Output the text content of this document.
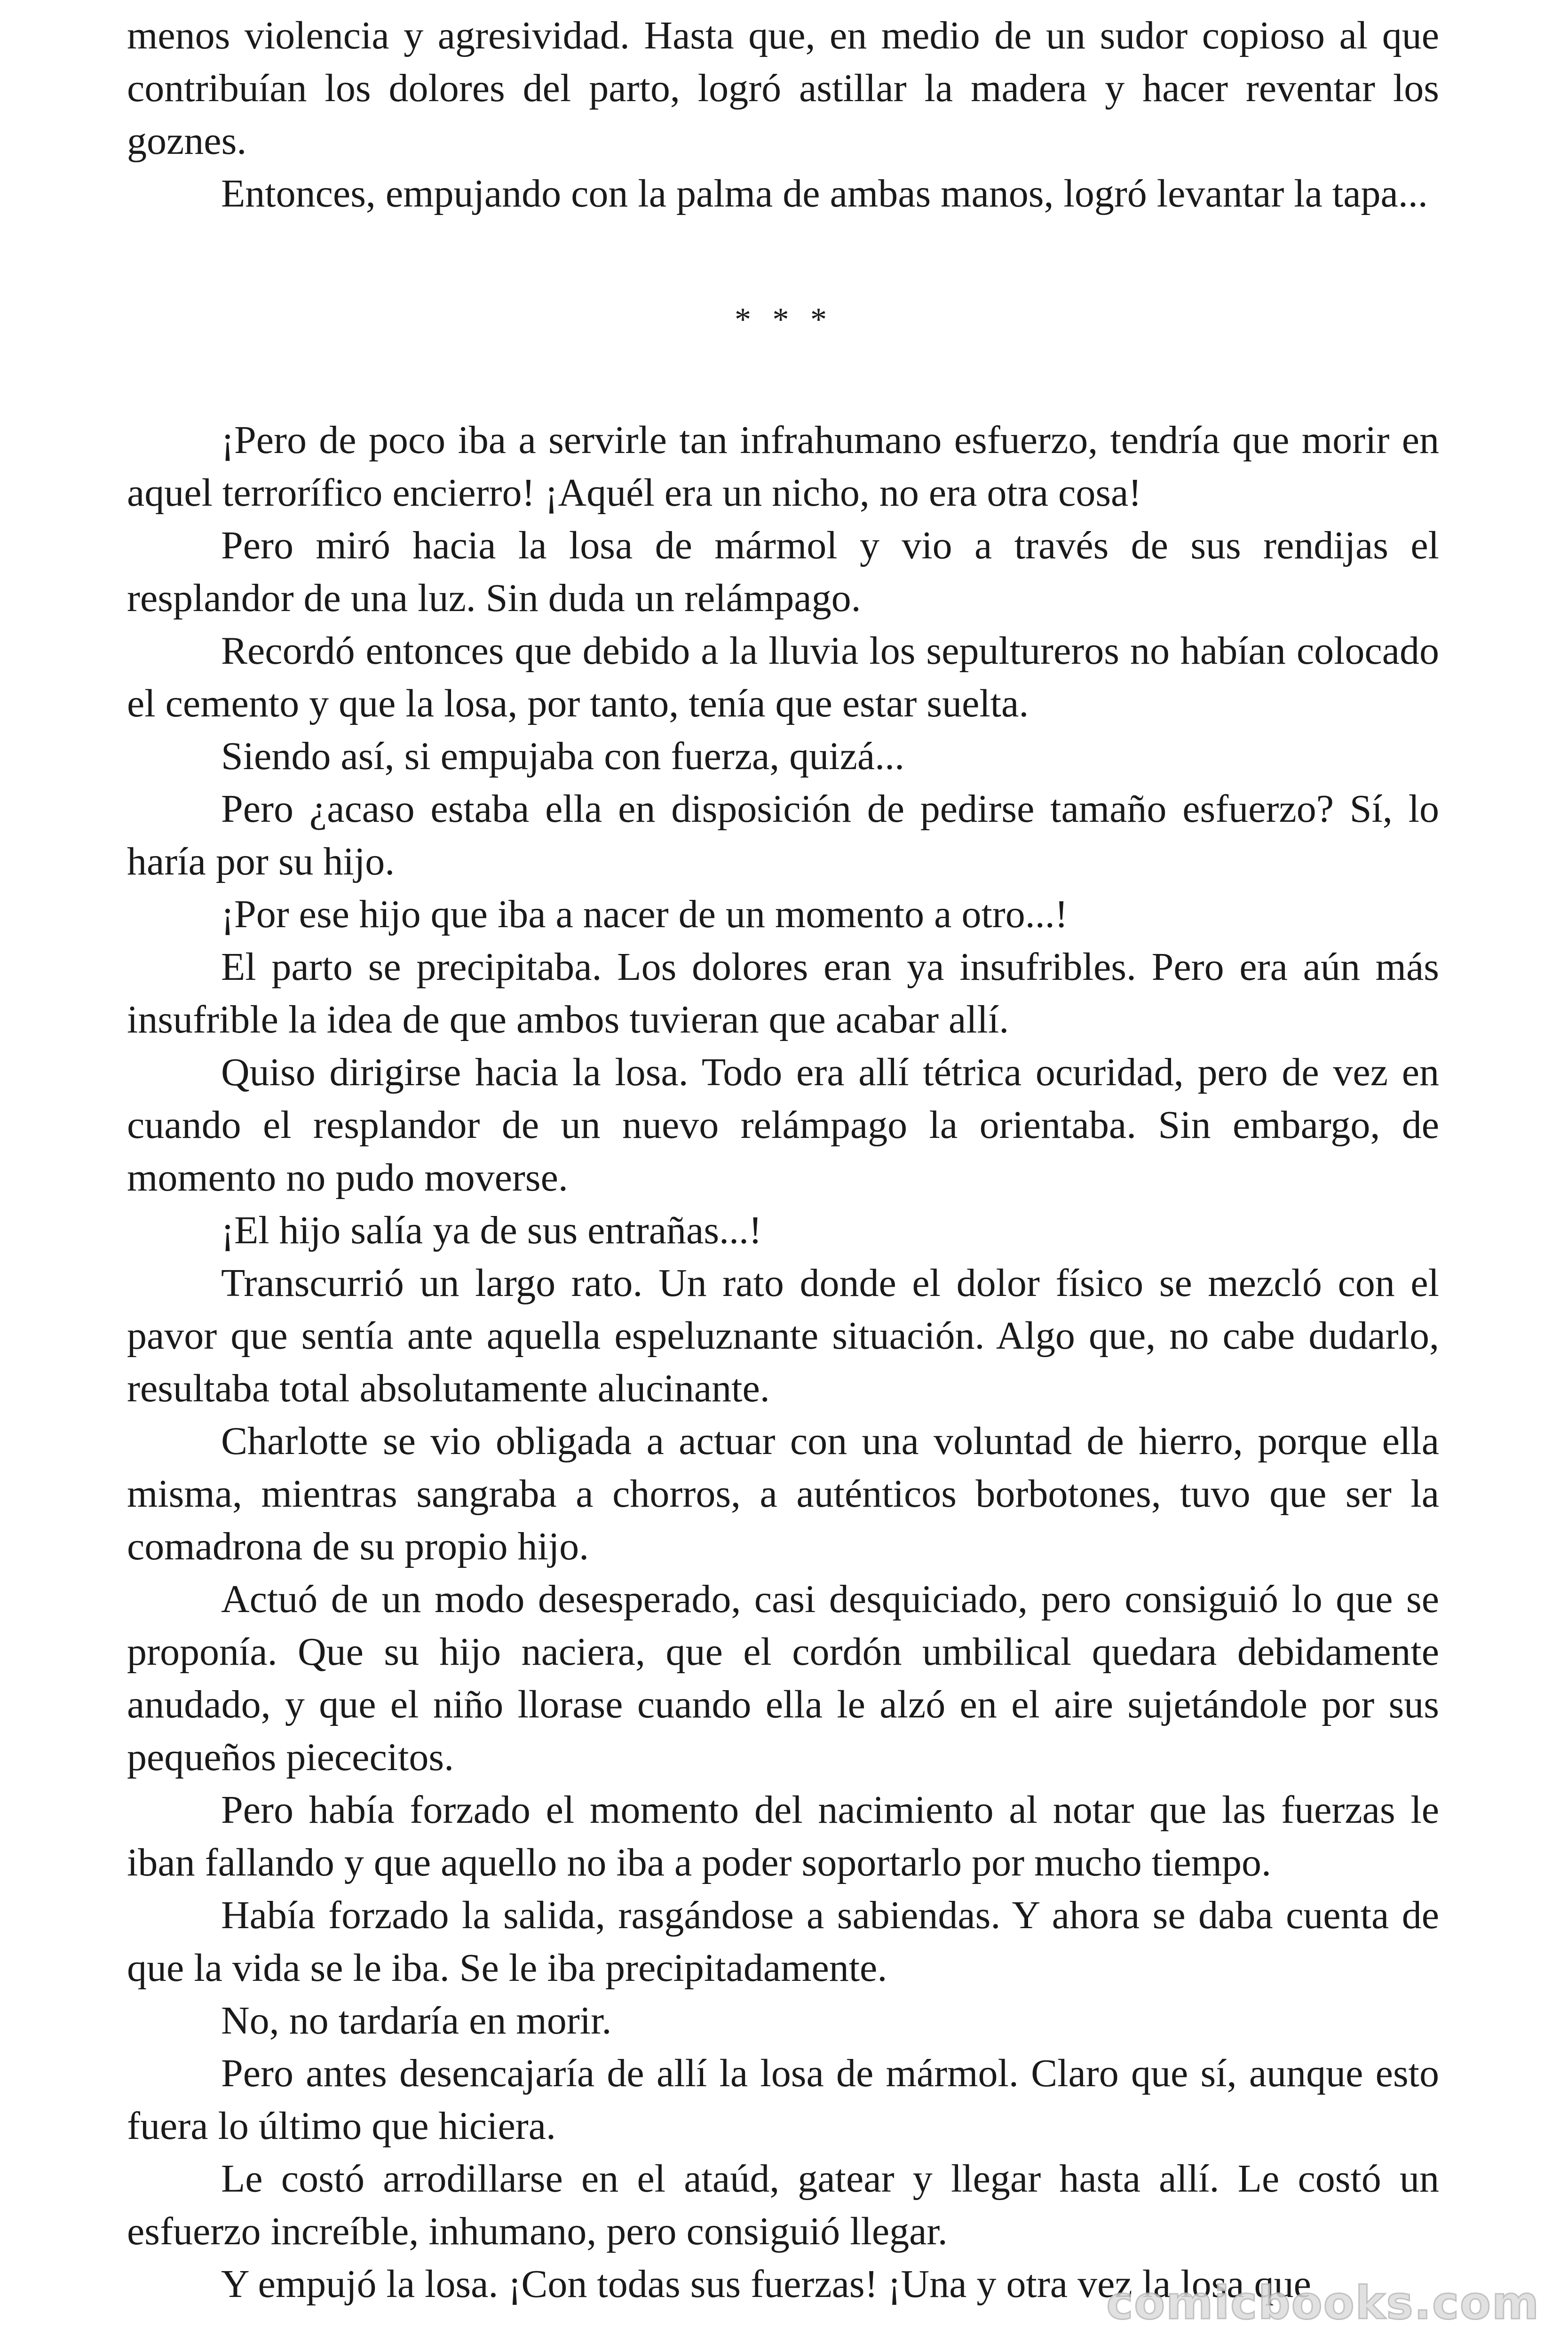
menos violencia y agresividad. Hasta que, en medio de un sudor copioso al que contribuían los dolores del parto, logró astillar la madera y hacer reventar los goznes.

Entonces, empujando con la palma de ambas manos, logró levantar la tapa...

* * *

¡Pero de poco iba a servirle tan infrahumano esfuerzo, tendría que morir en aquel terrorífico encierro! ¡Aquél era un nicho, no era otra cosa!

Pero miró hacia la losa de mármol y vio a través de sus rendijas el resplandor de una luz. Sin duda un relámpago.

Recordó entonces que debido a la lluvia los sepultureros no habían colocado el cemento y que la losa, por tanto, tenía que estar suelta.

Siendo así, si empujaba con fuerza, quizá...

Pero ¿acaso estaba ella en disposición de pedirse tamaño esfuerzo? Sí, lo haría por su hijo.

¡Por ese hijo que iba a nacer de un momento a otro...!

El parto se precipitaba. Los dolores eran ya insufribles. Pero era aún más insufrible la idea de que ambos tuvieran que acabar allí.

Quiso dirigirse hacia la losa. Todo era allí tétrica ocuridad, pero de vez en cuando el resplandor de un nuevo relámpago la orientaba. Sin embargo, de momento no pudo moverse.

¡El hijo salía ya de sus entrañas...!

Transcurrió un largo rato. Un rato donde el dolor físico se mezcló con el pavor que sentía ante aquella espeluznante situación. Algo que, no cabe dudarlo, resultaba total absolutamente alucinante.

Charlotte se vio obligada a actuar con una voluntad de hierro, porque ella misma, mientras sangraba a chorros, a auténticos borbotones, tuvo que ser la comadrona de su propio hijo.

Actuó de un modo desesperado, casi desquiciado, pero consiguió lo que se proponía. Que su hijo naciera, que el cordón umbilical quedara debidamente anudado, y que el niño llorase cuando ella le alzó en el aire sujetándole por sus pequeños piececitos.

Pero había forzado el momento del nacimiento al notar que las fuerzas le iban fallando y que aquello no iba a poder soportarlo por mucho tiempo.

Había forzado la salida, rasgándose a sabiendas. Y ahora se daba cuenta de que la vida se le iba. Se le iba precipitadamente.

No, no tardaría en morir.

Pero antes desencajaría de allí la losa de mármol. Claro que sí, aunque esto fuera lo último que hiciera.

Le costó arrodillarse en el ataúd, gatear y llegar hasta allí. Le costó un esfuerzo increíble, inhumano, pero consiguió llegar.

Y empujó la losa. ¡Con todas sus fuerzas! ¡Una y otra vez la losa que

comicbooks.com
